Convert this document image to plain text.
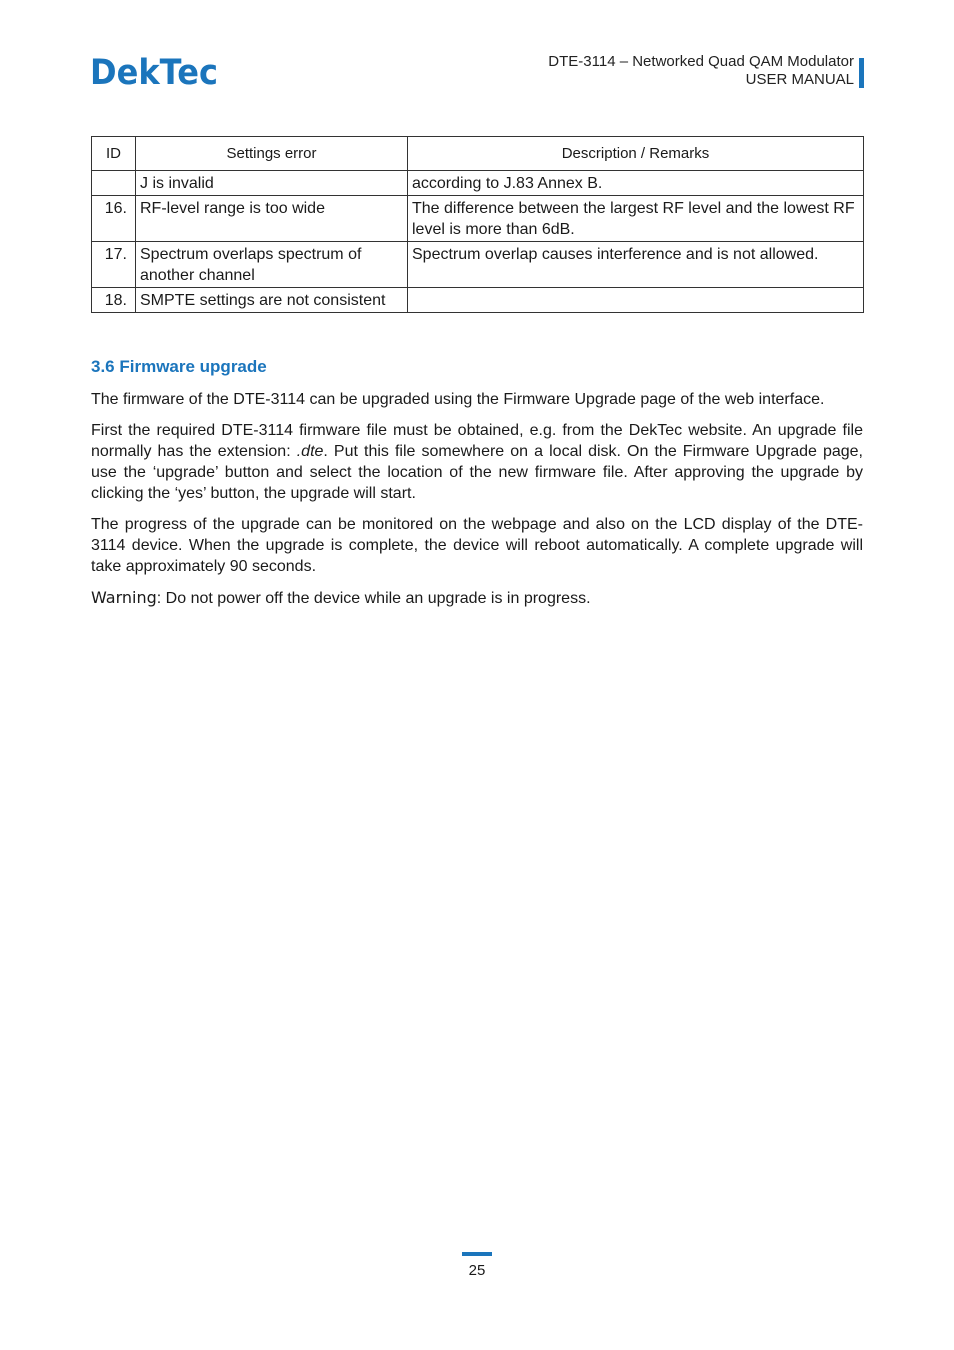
DekTec	DTE-3114 – Networked Quad QAM Modulator
USER MANUAL
ID	Settings error	Description / Remarks
	J is invalid	according to J.83 Annex B.
16.	RF-level range is too wide	The difference between the largest RF level and the lowest RF level is more than 6dB.
17.	Spectrum overlaps spectrum of another channel	Spectrum overlap causes interference and is not allowed.
18.	SMPTE settings are not consistent	
3.6 Firmware upgrade

The firmware of the DTE-3114 can be upgraded using the Firmware Upgrade page of the web interface.

First the required DTE-3114 firmware file must be obtained, e.g. from the DekTec website. An upgrade file normally has the extension: .dte. Put this file somewhere on a local disk. On the Firmware Upgrade page, use the ‘upgrade’ button and select the location of the new firmware file. After approving the upgrade by clicking the ‘yes’ button, the upgrade will start.

The progress of the upgrade can be monitored on the webpage and also on the LCD display of the DTE-3114 device. When the upgrade is complete, the device will reboot automatically. A complete upgrade will take approximately 90 seconds.

Warning: Do not power off the device while an upgrade is in progress.

25
